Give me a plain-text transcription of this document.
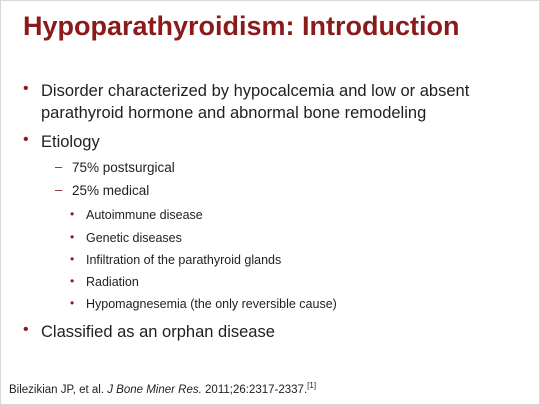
Hypoparathyroidism: Introduction
• Disorder characterized by hypocalcemia and low or absent
parathyroid hormone and abnormal bone remodeling
• Etiology
– 75% postsurgical
– 25% medical
• Autoimmune disease
• Genetic diseases
• Infiltration of the parathyroid glands
• Radiation
• Hypomagnesemia (the only reversible cause)
• Classified as an orphan disease
Bilezikian JP, et al. J Bone Miner Res. 2011;26:2317-2337.[1]
